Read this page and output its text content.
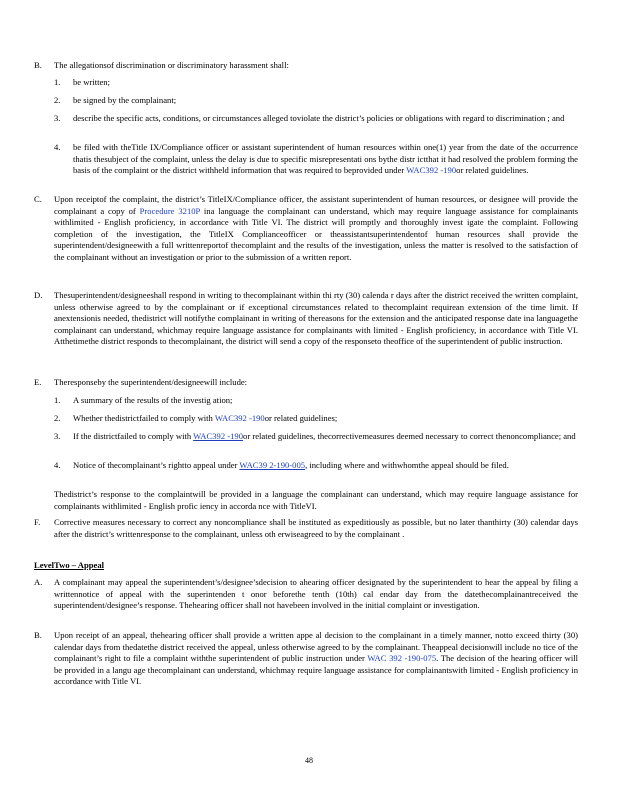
B.	The allegationsof discrimination or discriminatory harassment shall:
1.	be written;
2.	be signed by the complainant;
3.	describe the specific acts, conditions, or circumstances alleged toviolate the district’s policies or obligations with regard to discrimination ; and
4.	be filed with theTitle IX/Compliance officer or assistant superintendent of human resources within one(1) year from the date of the occurrence thatis thesubject of the complaint, unless the delay is due to specific misrepresentati ons bythe distr ictthat it had resolved the problem forming the basis of the complaint or the district withheld information that was required to beprovided under WAC392 -190or related guidelines.
C.	Upon receiptof the complaint, the district’s TitleIX/Compliance officer, the assistant superintendent of human resources, or designee will provide the complainant a copy of Procedure 3210P ina language the complainant can understand, which may require language assistance for complainants withlimited - English proficiency, in accordance with Title VI. The district will promptly and thoroughly invest igate the complaint. Following completion of the investigation, the TitleIX Complianceofficer or theassistantsuperintendentof human resources shall provide the superintendent/designeewith a full writtenreportof thecomplaint and the results of the investigation, unless the matter is resolved to the satisfaction of the complainant without an investigation or prior to the submission of a written report.
D.	Thesuperintendent/designeeshall respond in writing to thecomplainant within thi rty (30) calenda r days after the district received the written complaint, unless otherwise agreed to by the complainant or if exceptional circumstances related to thecomplaint requirean extension of the time limit. If anextensionis needed, thedistrict will notifythe complainant in writing of thereasons for the extension and the anticipated response date ina languagethe complainant can understand, whichmay require language assistance for complainants with limited - English proficiency, in accordance with Title VI. Atthetimethe district responds to thecomplainant, the district will send a copy of the responseto theoffice of the superintendent of public instruction.
E.	Theresponseby the superintendent/designeewill include:
1.	A summary of the results of the investig ation;
2.	Whether thedistrictfailed to comply with WAC392 -190or related guidelines;
3.	If the districtfailed to comply with WAC392 -190or related guidelines, thecorrectivemeasures deemed necessary to correct thenoncompliance; and
4.	Notice of thecomplainant’s rightto appeal under WAC39 2-190-005, including where and withwhomthe appeal should be filed.
Thedistrict’s response to the complaintwill be provided in a language the complainant can understand, which may require language assistance for complainants withlimited - English profic iency in accorda nce with TitleVI.
F.	Corrective measures necessary to correct any noncompliance shall be instituted as expeditiously as possible, but no later thanthirty (30) calendar days after the district’s writtenresponse to the complainant, unless oth erwiseagreed to by the complainant .
LevelTwo – Appeal
A.	A complainant may appeal the superintendent’s/designee’sdecision to ahearing officer designated by the superintendent to hear the appeal by filing a writtennotice of appeal with the superintenden t onor beforethe tenth (10th) cal endar day from the datethecomplainantreceived the superintendent/designee’s response. Thehearing officer shall not havebeen involved in the initial complaint or investigation.
B.	Upon receipt of an appeal, thehearing officer shall provide a written appe al decision to the complainant in a timely manner, notto exceed thirty (30) calendar days from thedatethe district received the appeal, unless otherwise agreed to by the complainant. Theappeal decisionwill include no tice of the complainant’s right to file a complaint withthe superintendent of public instruction under WAC 392 -190-075. The decision of the hearing officer will be provided in a langu age thecomplainant can understand, whichmay require language assistance for complainantswith limited - English proficiency in accordance with Title VI.
48
